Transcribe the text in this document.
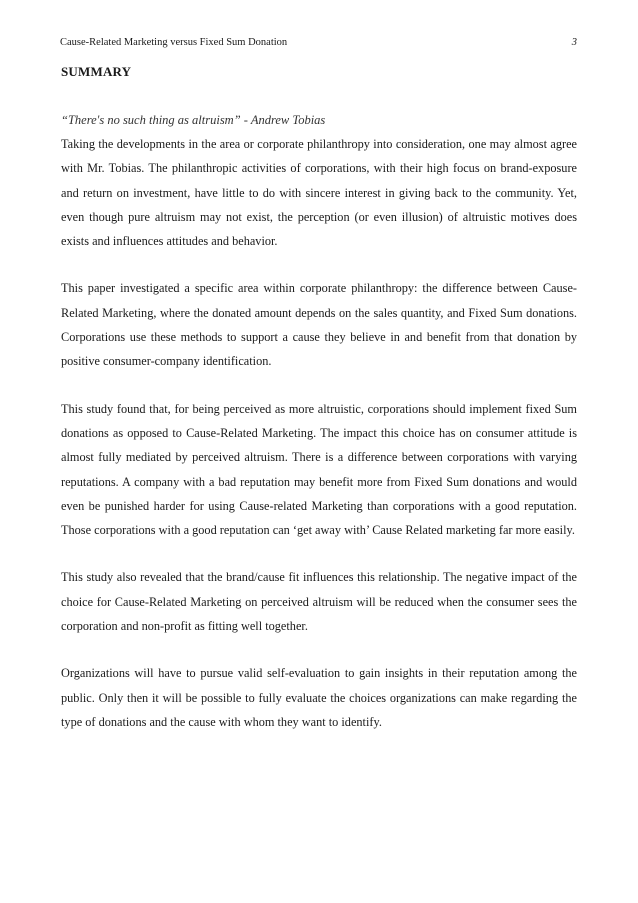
Cause-Related Marketing versus Fixed Sum Donation	3
SUMMARY

“There's no such thing as altruism” - Andrew Tobias

Taking the developments in the area or corporate philanthropy into consideration, one may almost agree with Mr. Tobias. The philanthropic activities of corporations, with their high focus on brand-exposure and return on investment, have little to do with sincere interest in giving back to the community. Yet, even though pure altruism may not exist, the perception (or even illusion) of altruistic motives does exists and influences attitudes and behavior.

This paper investigated a specific area within corporate philanthropy: the difference between Cause-Related Marketing, where the donated amount depends on the sales quantity, and Fixed Sum donations. Corporations use these methods to support a cause they believe in and benefit from that donation by positive consumer-company identification.

This study found that, for being perceived as more altruistic, corporations should implement fixed Sum donations as opposed to Cause-Related Marketing. The impact this choice has on consumer attitude is almost fully mediated by perceived altruism. There is a difference between corporations with varying reputations. A company with a bad reputation may benefit more from Fixed Sum donations and would even be punished harder for using Cause-related Marketing than corporations with a good reputation. Those corporations with a good reputation can ‘get away with’ Cause Related marketing far more easily.

This study also revealed that the brand/cause fit influences this relationship. The negative impact of the choice for Cause-Related Marketing on perceived altruism will be reduced when the consumer sees the corporation and non-profit as fitting well together.

Organizations will have to pursue valid self-evaluation to gain insights in their reputation among the public. Only then it will be possible to fully evaluate the choices organizations can make regarding the type of donations and the cause with whom they want to identify.
